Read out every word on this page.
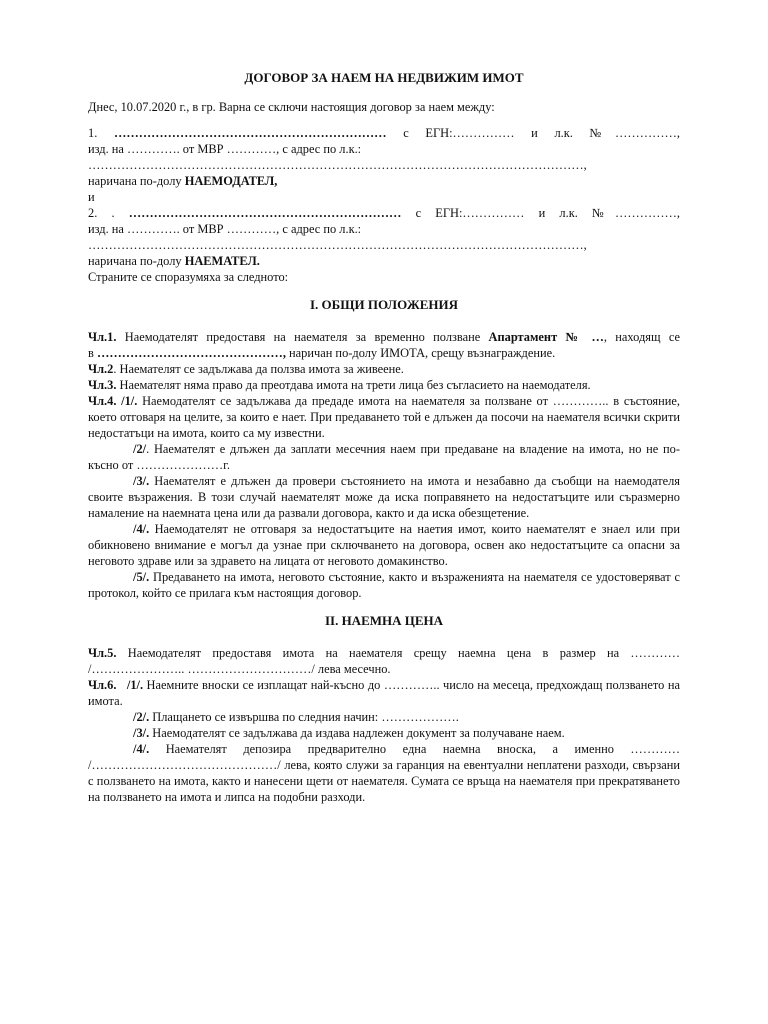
ДОГОВОР ЗА НАЕМ НА НЕДВИЖИМ ИМОТ

Днес, 10.07.2020 г., в гр. Варна се сключи настоящия договор за наем между:

1. ………………………………………………………… с ЕГН:…………… и л.к. №……………,

изд. на …………. от МВР …………, с адрес по л.к.:

…………………………………………………………………………………………………………,

наричана по-долу НАЕМОДАТЕЛ,

и

2. . ………………………………………………………… с ЕГН:…………… и л.к. №……………,

изд. на …………. от МВР …………, с адрес по л.к.:

…………………………………………………………………………………………………………,

наричана по-долу НАЕМАТЕЛ.

Страните се споразумяха за следното:

I. ОБЩИ ПОЛОЖЕНИЯ

Чл.1. Наемодателят предоставя на наемателя за временно ползване Апартамент № …, находящ се

в ………………………………………, наричан по-долу ИМОТА, срещу възнаграждение.

Чл.2. Наемателят се задължава да ползва имота за живеене.

Чл.3. Наемателят няма право да преотдава имота на трети лица без съгласието на наемодателя.

Чл.4. /1/. Наемодателят се задължава да предаде имота на наемателя за ползване от ………….. в състояние, което отговаря на целите, за които е нает. При предаването той е длъжен да посочи на наемателя всички скрити недостатъци на имота, които са му известни.

/2/. Наемателят е длъжен да заплати месечния наем при предаване на владение на имота, но не по-късно от …………………г.

/3/. Наемателят е длъжен да провери състоянието на имота и незабавно да съобщи на наемодателя своите възражения. В този случай наемателят може да иска поправянето на недостатъците или съразмерно намаление на наемната цена или да развали договора, както и да иска обезщетение.

/4/. Наемодателят не отговаря за недостатъците на наетия имот, които наемателят е знаел или при обикновено внимание е могъл да узнае при сключването на договора, освен ако недостатъците са опасни за неговото здраве или за здравето на лицата от неговото домакинство.

/5/. Предаването на имота, неговото състояние, както и възраженията на наемателя се удостоверяват с протокол, който се прилага към настоящия договор.

II. НАЕМНА ЦЕНА

Чл.5. Наемодателят предоставя имота на наемателя срещу наемна цена в размер на ………… /………………….. …………………………/ лева месечно.

Чл.6. /1/. Наемните вноски се изплащат най-късно до ………….. число на месеца, предхождащ ползването на имота.

/2/. Плащането се извършва по следния начин: ……………….

/3/. Наемодателят се задължава да издава надлежен документ за получаване наем.

/4/. Наемателят депозира предварително една наемна вноска, а именно ………… /………………………………………/ лева, която служи за гаранция на евентуални неплатени разходи, свързани с ползването на имота, както и нанесени щети от наемателя. Сумата се връща на наемателя при прекратяването на ползването на имота и липса на подобни разходи.
